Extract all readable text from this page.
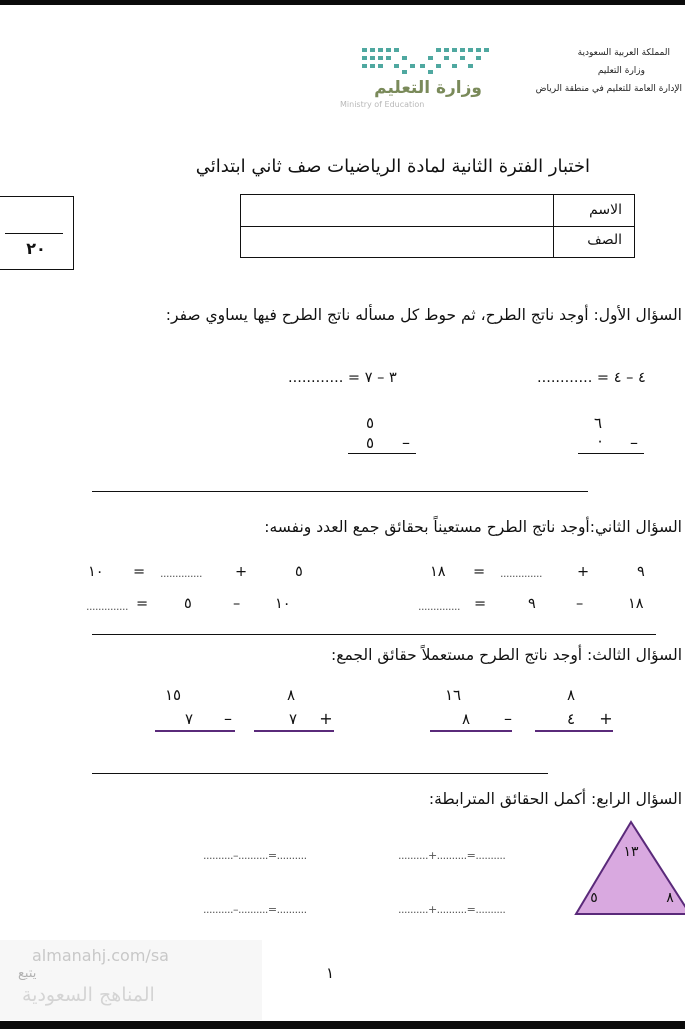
المملكة العربية السعودية
وزارة التعليم
الإدارة العامة للتعليم في منطقة الرياض
وزارة التعليم
Ministry of Education
اختبار الفترة الثانية لمادة الرياضيات صف ثاني ابتدائي
٢٠
الاسم
الصف
السؤال الأول: أوجد ناتج الطرح، ثم حوط كل مسأله ناتج الطرح فيها يساوي صفر:
............ = ٣ – ٧	............ = ٤ – ٤
٥
٥ –
٦
٠ –
السؤال الثاني:أوجد ناتج الطرح مستعيناً بحقائق جمع العدد ونفسه:
١٠ = .............. +	٥	١٨ = .............. +	٩
.............. = ٥	– ١٠	.............. =	٩	–	١٨
السؤال الثالث: أوجد ناتج الطرح مستعملاً حقائق الجمع:
٨
٤ +
١٦
٨ –
٨
٧ +
١٥
٧ –
السؤال الرابع: أكمل الحقائق المترابطة:
..........+..........=..........
..........–..........=..........
..........+..........=..........
..........–..........=..........
١٣
٥	٨
١
almanahj.com/sa
المناهج السعودية
